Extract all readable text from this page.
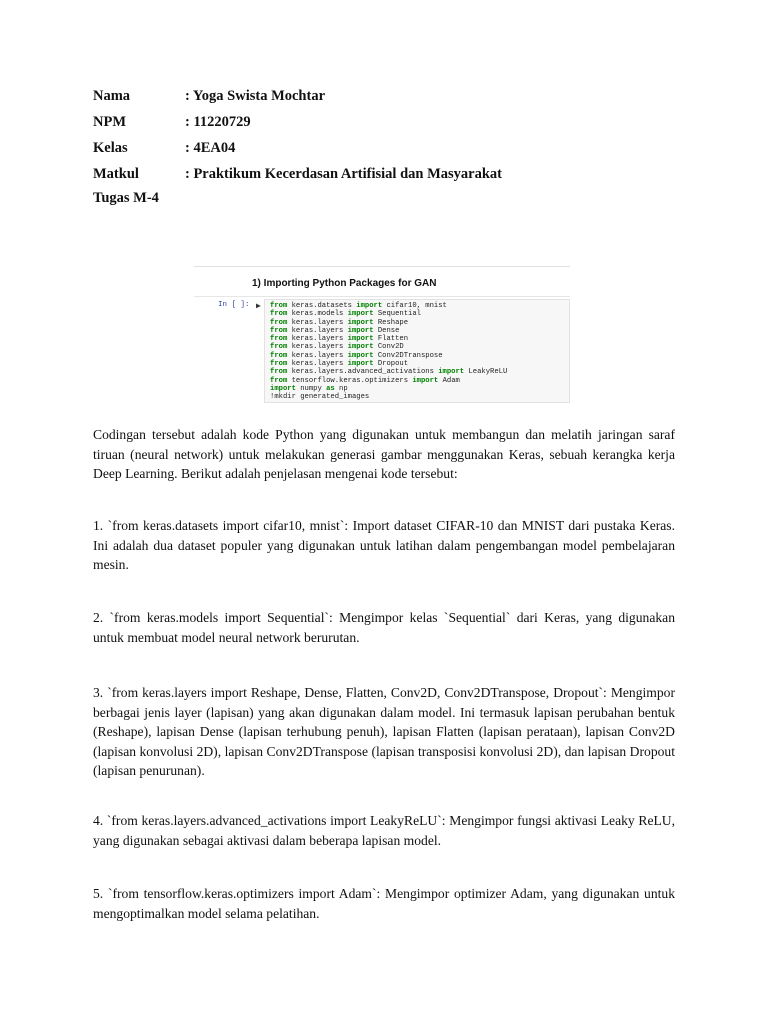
Nama	: Yoga Swista Mochtar
NPM	: 11220729
Kelas	: 4EA04
Matkul	: Praktikum Kecerdasan Artifisial dan Masyarakat
Tugas M-4
1) Importing Python Packages for GAN
In [ ]: ▶ from keras.datasets import cifar10, mnist
from keras.models import Sequential
from keras.layers import Reshape
from keras.layers import Dense
from keras.layers import Flatten
from keras.layers import Conv2D
from keras.layers import Conv2DTranspose
from keras.layers import Dropout
from keras.layers.advanced_activations import LeakyReLU
from tensorflow.keras.optimizers import Adam
import numpy as np
!mkdir generated_images
Codingan tersebut adalah kode Python yang digunakan untuk membangun dan melatih jaringan saraf tiruan (neural network) untuk melakukan generasi gambar menggunakan Keras, sebuah kerangka kerja Deep Learning. Berikut adalah penjelasan mengenai kode tersebut:
1. `from keras.datasets import cifar10, mnist`: Import dataset CIFAR-10 dan MNIST dari pustaka Keras. Ini adalah dua dataset populer yang digunakan untuk latihan dalam pengembangan model pembelajaran mesin.
2. `from keras.models import Sequential`: Mengimpor kelas `Sequential` dari Keras, yang digunakan untuk membuat model neural network berurutan.
3. `from keras.layers import Reshape, Dense, Flatten, Conv2D, Conv2DTranspose, Dropout`: Mengimpor berbagai jenis layer (lapisan) yang akan digunakan dalam model. Ini termasuk lapisan perubahan bentuk (Reshape), lapisan Dense (lapisan terhubung penuh), lapisan Flatten (lapisan perataan), lapisan Conv2D (lapisan konvolusi 2D), lapisan Conv2DTranspose (lapisan transposisi konvolusi 2D), dan lapisan Dropout (lapisan penurunan).
4. `from keras.layers.advanced_activations import LeakyReLU`: Mengimpor fungsi aktivasi Leaky ReLU, yang digunakan sebagai aktivasi dalam beberapa lapisan model.
5. `from tensorflow.keras.optimizers import Adam`: Mengimpor optimizer Adam, yang digunakan untuk mengoptimalkan model selama pelatihan.
